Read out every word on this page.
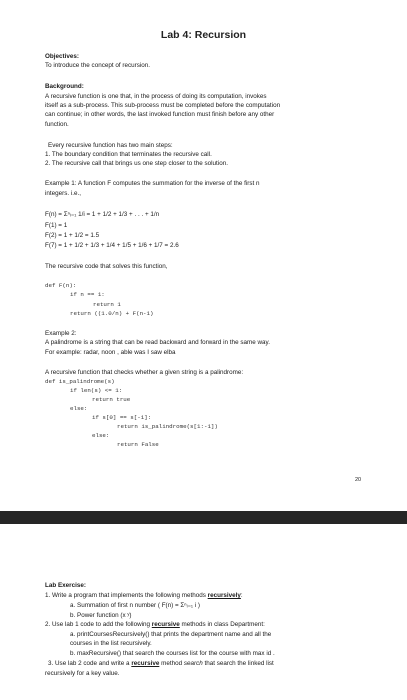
Lab 4: Recursion
Objectives:
To introduce the concept of recursion.
Background:
A recursive function is one that, in the process of doing its computation, invokes
itself as a sub-process. This sub-process must be completed before the computation
can continue; in other words, the last invoked function must finish before any other
function.
Every recursive function has two main steps:
1. The boundary condition that terminates the recursive call.
2. The recursive call that brings us one step closer to the solution.
Example 1: A function F computes the summation for the inverse of the first n
integers. i.e.,
F(n) = Σⁿᵢ₌₁ 1/i = 1 + 1/2 + 1/3 + . . . + 1/n
F(1) = 1
F(2) = 1 + 1/2 = 1.5
F(7) = 1 + 1/2 + 1/3 + 1/4 + 1/5 + 1/6 + 1/7 = 2.6
The recursive code that solves this function,
def F(n):
if n == 1:
return 1
return ((1.0/n) + F(n-1)
Example 2:
A palindrome is a string that can be read backward and forward in the same way.
For example: radar, noon , able was I saw elba
A recursive function that checks whether a given string is a palindrome:
def is_palindrome(s)
if len(s) <= 1:
return true
else:
if s[0] == s[-1]:
return is_palindrome(s[1:-1])
else:
return False
20
Lab Exercise:
1. Write a program that implements the following methods recursively:
a. Summation of first n number ( F(n) = Σⁿᵢ₌₁ i )
b. Power function (x ʸ)
2. Use lab 1 code to add the following recursive methods in class Department:
a. printCoursesRecursively() that prints the department name and all the
courses in the list recursively.
b. maxRecursive() that search the courses list for the course with max id .
3. Use lab 2 code and write a recursive method search that search the linked list
recursively for a key value.
